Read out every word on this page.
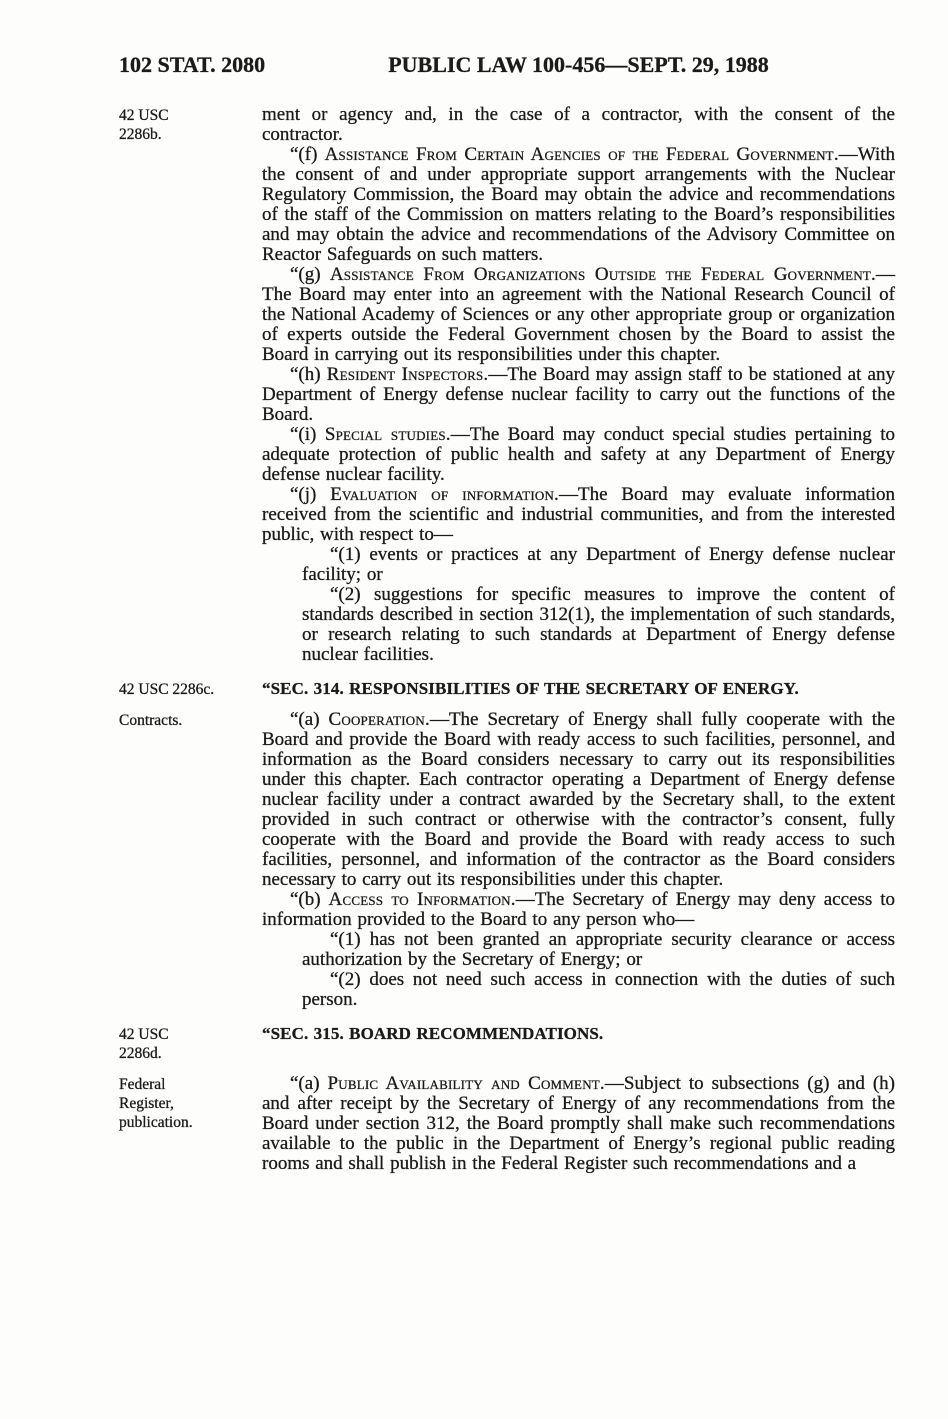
102 STAT. 2080	PUBLIC LAW 100-456—SEPT. 29, 1988
42 USC 2286b.

ment or agency and, in the case of a contractor, with the consent of the contractor.

“(f) Assistance From Certain Agencies of the Federal Government.—With the consent of and under appropriate support arrangements with the Nuclear Regulatory Commission, the Board may obtain the advice and recommendations of the staff of the Commission on matters relating to the Board’s responsibilities and may obtain the advice and recommendations of the Advisory Committee on Reactor Safeguards on such matters.

“(g) Assistance From Organizations Outside the Federal Government.—The Board may enter into an agreement with the National Research Council of the National Academy of Sciences or any other appropriate group or organization of experts outside the Federal Government chosen by the Board to assist the Board in carrying out its responsibilities under this chapter.

“(h) Resident Inspectors.—The Board may assign staff to be stationed at any Department of Energy defense nuclear facility to carry out the functions of the Board.

“(i) Special studies.—The Board may conduct special studies pertaining to adequate protection of public health and safety at any Department of Energy defense nuclear facility.

“(j) Evaluation of information.—The Board may evaluate information received from the scientific and industrial communities, and from the interested public, with respect to—

“(1) events or practices at any Department of Energy defense nuclear facility; or

“(2) suggestions for specific measures to improve the content of standards described in section 312(1), the implementation of such standards, or research relating to such standards at Department of Energy defense nuclear facilities.

42 USC 2286c.	“SEC. 314. RESPONSIBILITIES OF THE SECRETARY OF ENERGY.

Contracts.	“(a) Cooperation.—The Secretary of Energy shall fully cooperate with the Board and provide the Board with ready access to such facilities, personnel, and information as the Board considers necessary to carry out its responsibilities under this chapter. Each contractor operating a Department of Energy defense nuclear facility under a contract awarded by the Secretary shall, to the extent provided in such contract or otherwise with the contractor’s consent, fully cooperate with the Board and provide the Board with ready access to such facilities, personnel, and information of the contractor as the Board considers necessary to carry out its responsibilities under this chapter.

“(b) Access to Information.—The Secretary of Energy may deny access to information provided to the Board to any person who—

“(1) has not been granted an appropriate security clearance or access authorization by the Secretary of Energy; or

“(2) does not need such access in connection with the duties of such person.

42 USC 2286d.

“SEC. 315. BOARD RECOMMENDATIONS.

Federal Register, publication.

“(a) Public Availability and Comment.—Subject to subsections (g) and (h) and after receipt by the Secretary of Energy of any recommendations from the Board under section 312, the Board promptly shall make such recommendations available to the public in the Department of Energy’s regional public reading rooms and shall publish in the Federal Register such recommendations and a
